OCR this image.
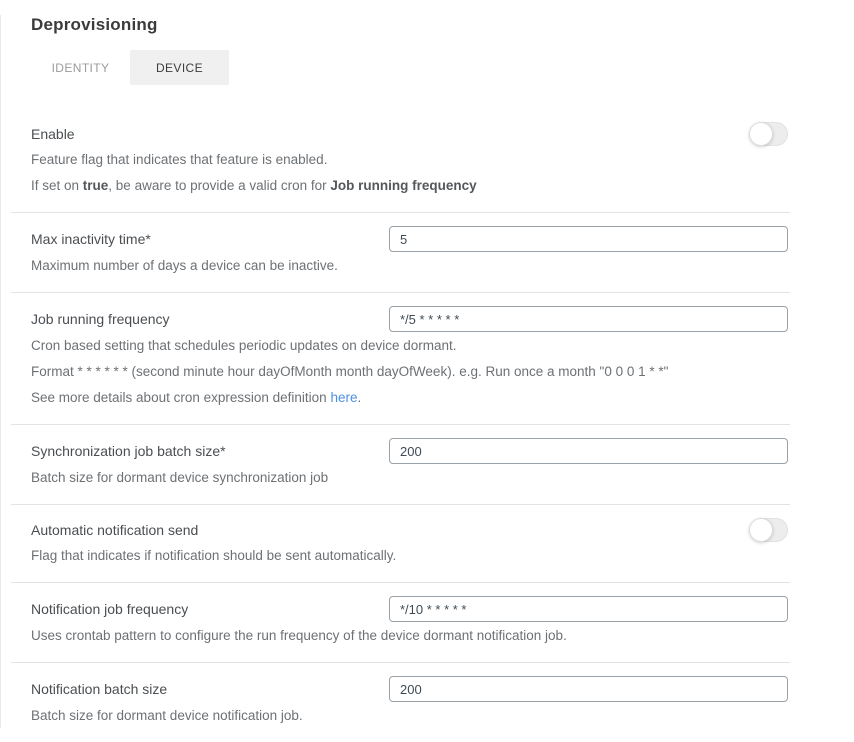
Deprovisioning
IDENTITY	DEVICE
Enable
Feature flag that indicates that feature is enabled.
If set on true, be aware to provide a valid cron for Job running frequency
Max inactivity time*
5
Maximum number of days a device can be inactive.
Job running frequency
*/5 * * * * *
Cron based setting that schedules periodic updates on device dormant.
Format * * * * * * (second minute hour dayOfMonth month dayOfWeek). e.g. Run once a month "0 0 0 1 * *"
See more details about cron expression definition here.
Synchronization job batch size*
200
Batch size for dormant device synchronization job
Automatic notification send
Flag that indicates if notification should be sent automatically.
Notification job frequency
*/10 * * * * *
Uses crontab pattern to configure the run frequency of the device dormant notification job.
Notification batch size
200
Batch size for dormant device notification job.
